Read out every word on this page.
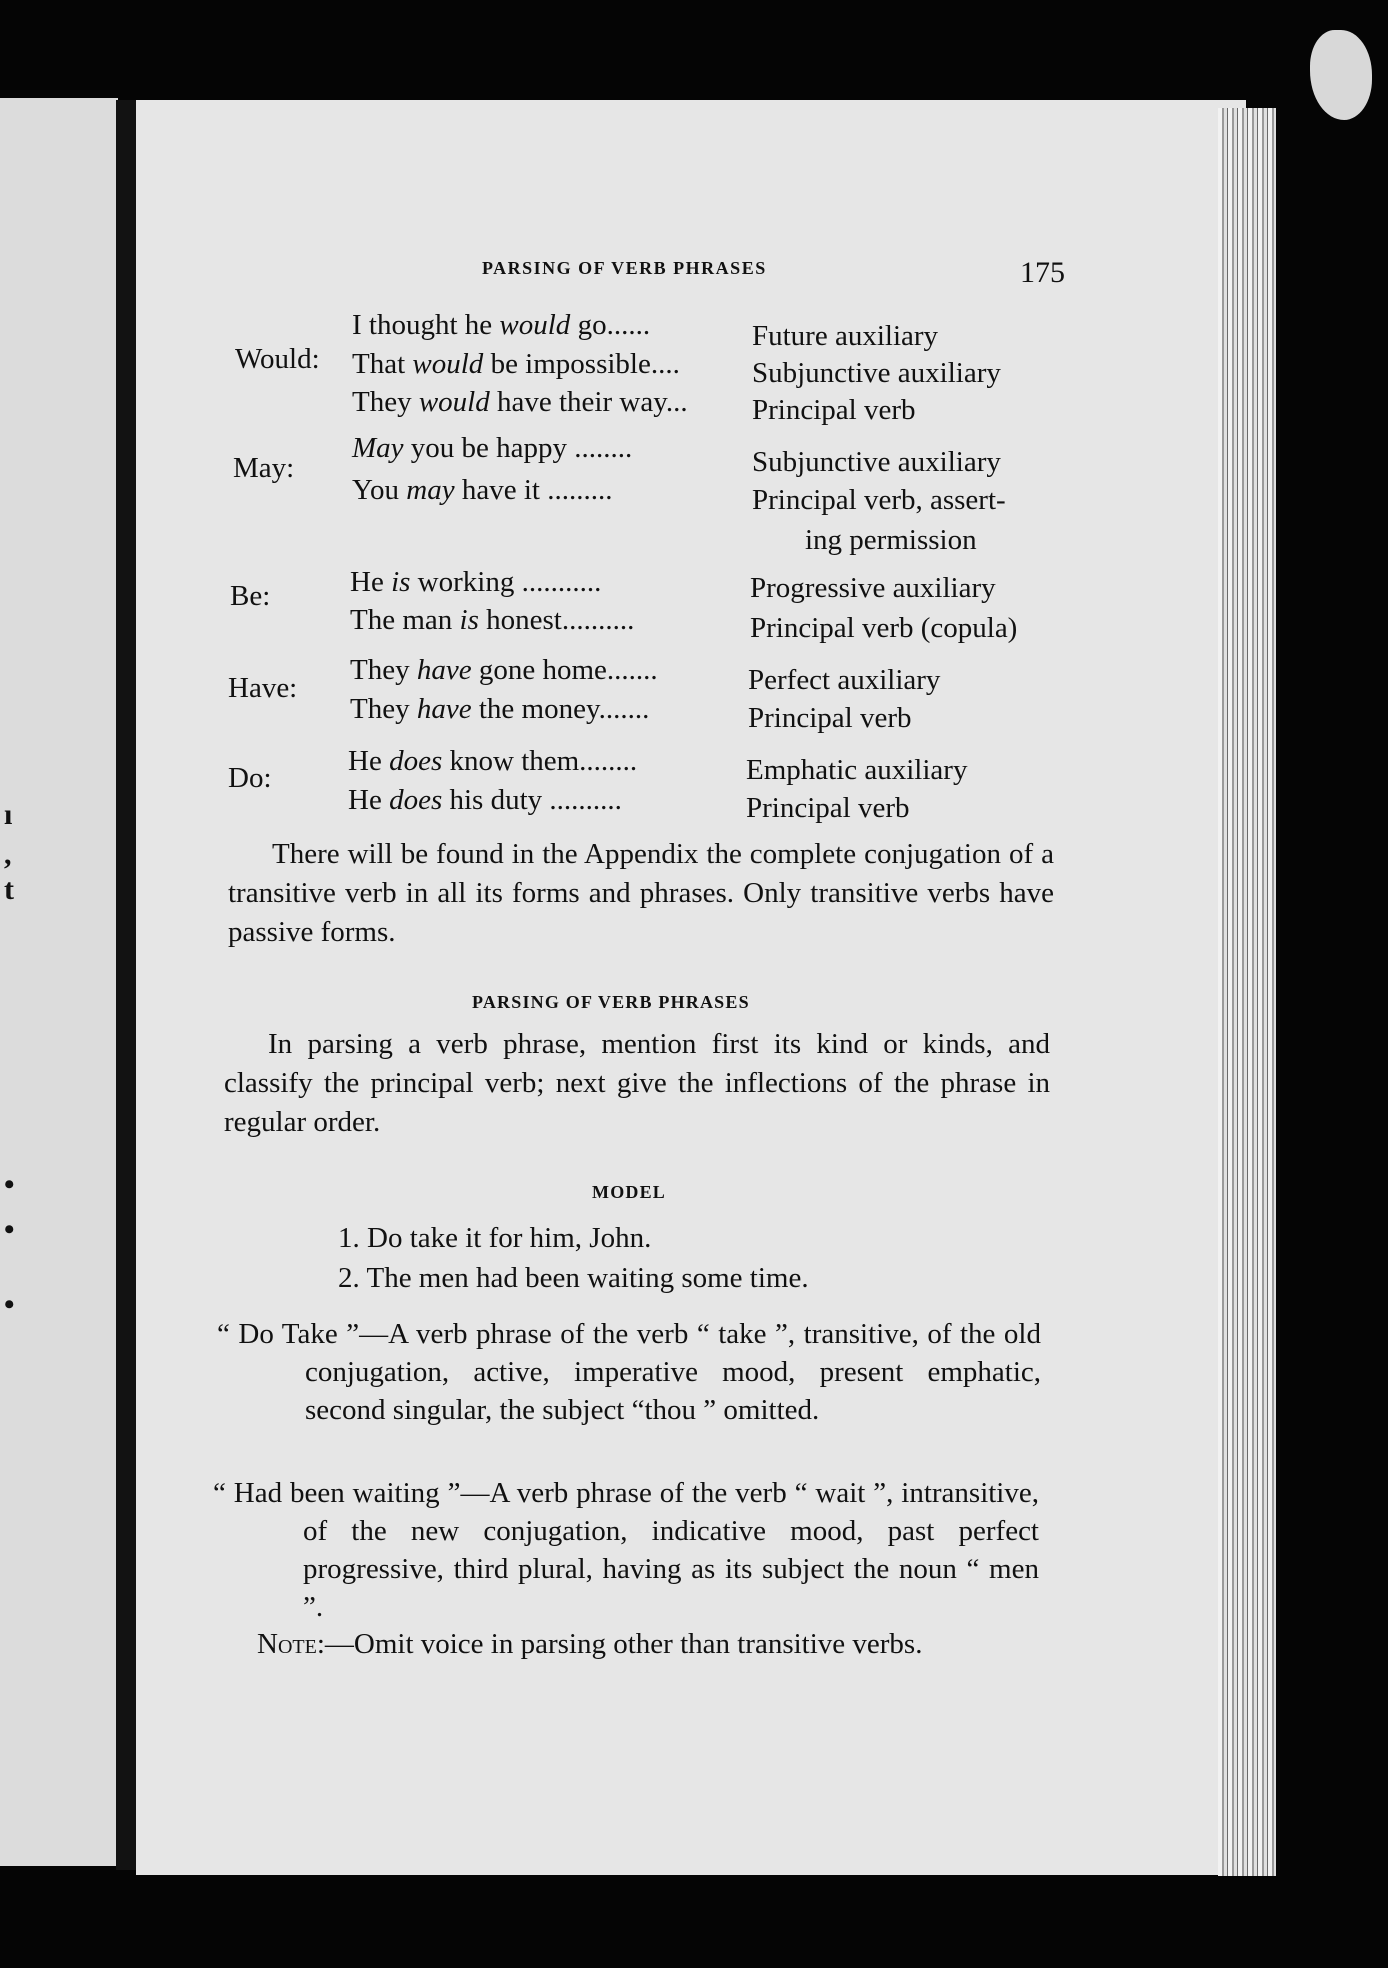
ı
,
t
•
•
•
PARSING OF VERB PHRASES	175
Would:
I thought he would go......	Future auxiliary
That would be impossible.... Subjunctive auxiliary
They would have their way... Principal verb
May:
May you be happy ........	Subjunctive auxiliary
You may have it .........	Principal verb, assert-
ing permission
Be:	He is working ...........	Progressive auxiliary
The man is honest..........	Principal verb (copula)
Have:
They have gone home.......	Perfect auxiliary
They have the money.......	Principal verb
Do:
He does know them........	Emphatic auxiliary
He does his duty ..........	Principal verb
There will be found in the Appendix the complete conjugation of a transitive verb in all its forms and phrases. Only transitive verbs have passive forms.
PARSING OF VERB PHRASES
In parsing a verb phrase, mention first its kind or kinds, and classify the principal verb; next give the inflections of the phrase in regular order.
MODEL
1. Do take it for him, John.
2. The men had been waiting some time.
“ Do Take ”—A verb phrase of the verb “ take ”, transitive, of the old conjugation, active, imperative mood, present emphatic, second singular, the subject “thou ” omitted.
“ Had been waiting ”—A verb phrase of the verb “ wait ”, intransitive, of the new conjugation, indicative mood, past perfect progressive, third plural, having as its subject the noun “ men ”.
Note:—Omit voice in parsing other than transitive verbs.
